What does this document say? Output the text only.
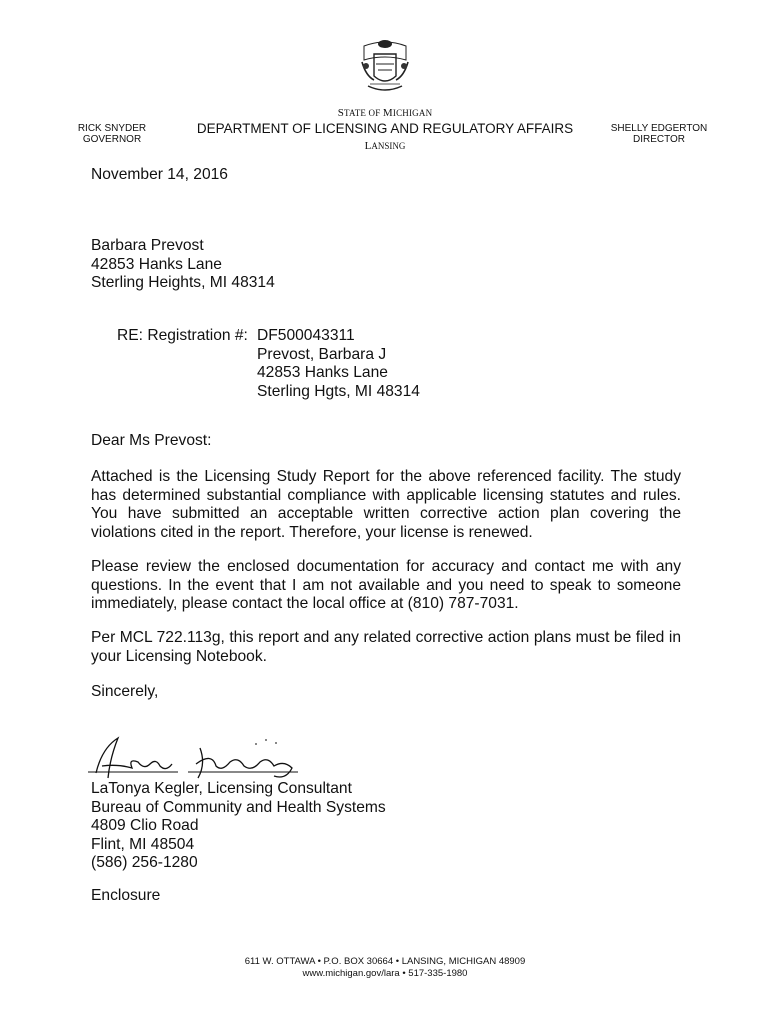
STATE OF MICHIGAN
DEPARTMENT OF LICENSING AND REGULATORY AFFAIRS
LANSING
RICK SNYDER
GOVERNOR
SHELLY EDGERTON
DIRECTOR
November 14, 2016
Barbara Prevost
42853 Hanks Lane
Sterling Heights, MI 48314
RE: Registration #: DF500043311
Prevost, Barbara J
42853 Hanks Lane
Sterling Hgts, MI 48314
Dear Ms Prevost:
Attached is the Licensing Study Report for the above referenced facility. The study has determined substantial compliance with applicable licensing statutes and rules. You have submitted an acceptable written corrective action plan covering the violations cited in the report. Therefore, your license is renewed.
Please review the enclosed documentation for accuracy and contact me with any questions. In the event that I am not available and you need to speak to someone immediately, please contact the local office at (810) 787-7031.
Per MCL 722.113g, this report and any related corrective action plans must be filed in your Licensing Notebook.
Sincerely,
LaTonya Kegler, Licensing Consultant
Bureau of Community and Health Systems
4809 Clio Road
Flint, MI 48504
(586) 256-1280
Enclosure
611 W. OTTAWA • P.O. BOX 30664 • LANSING, MICHIGAN 48909
www.michigan.gov/lara • 517-335-1980
